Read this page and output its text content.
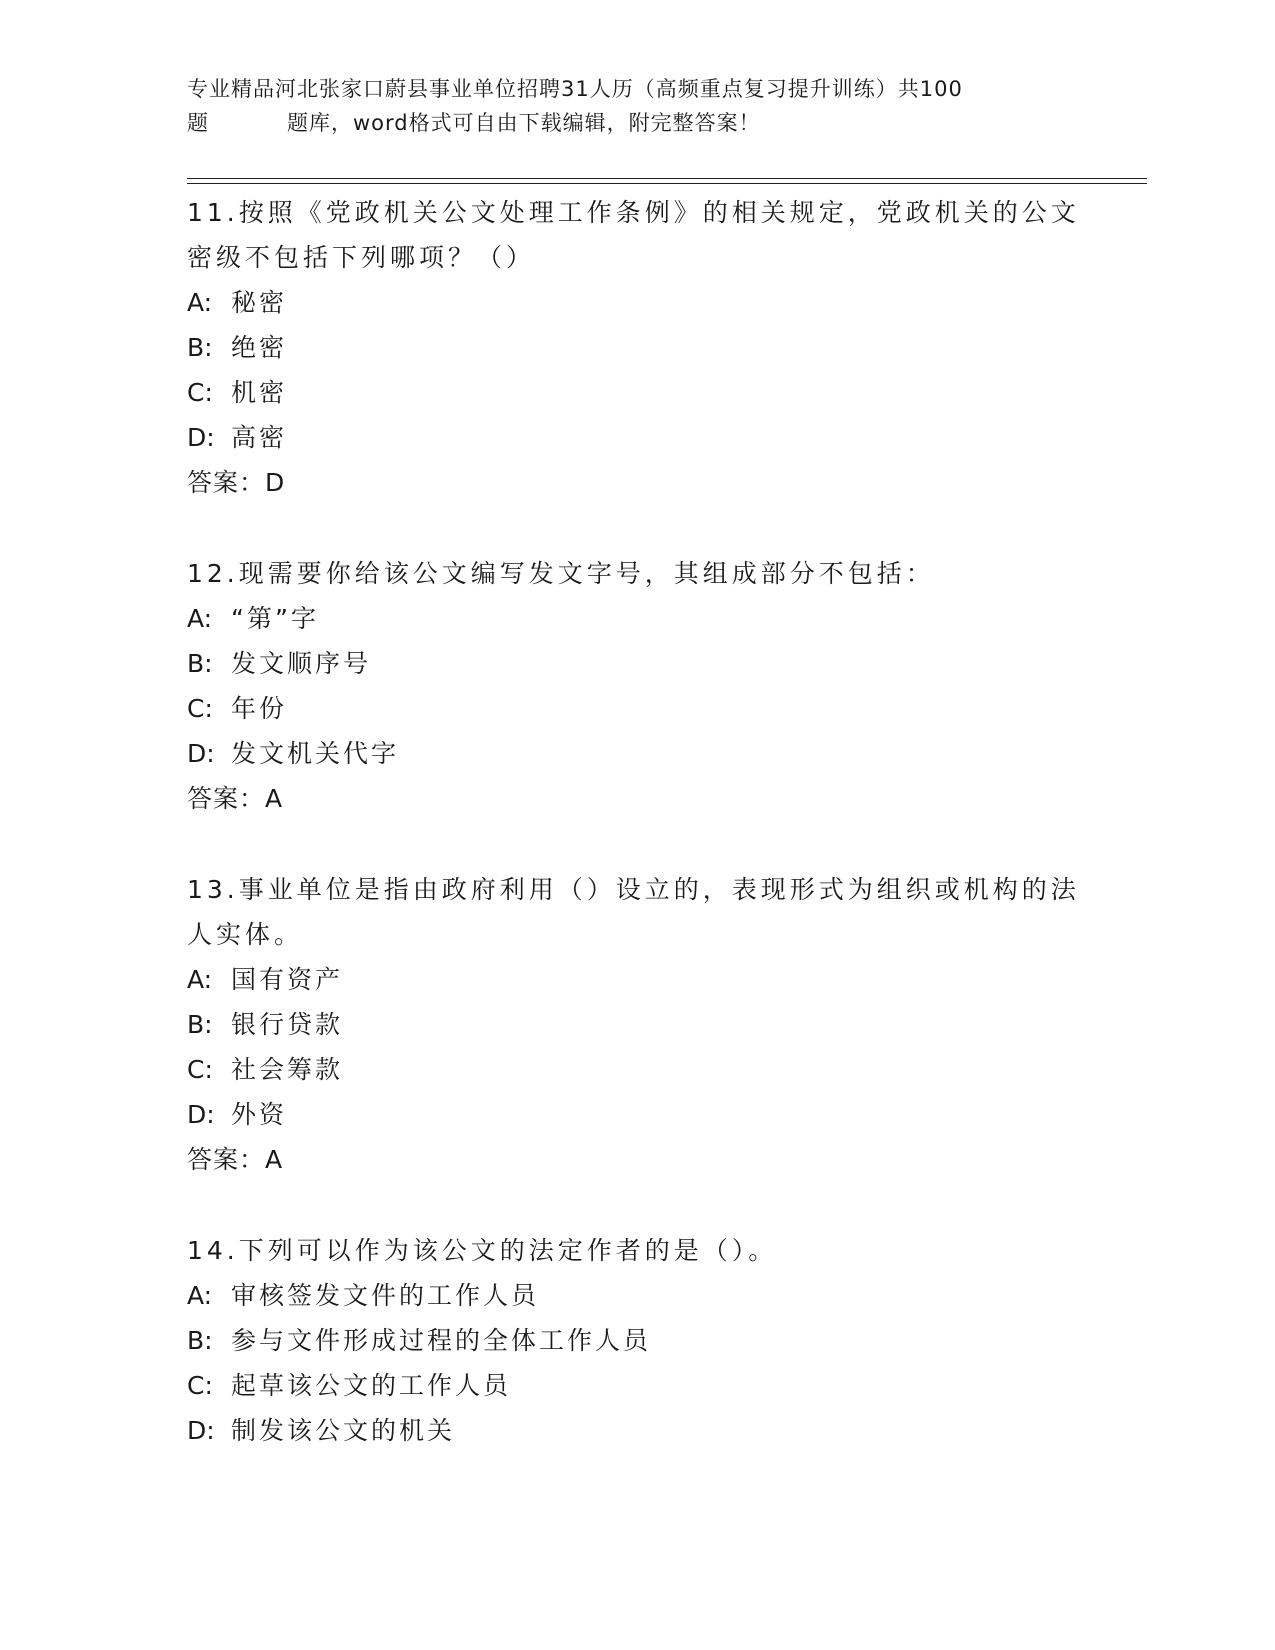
专业精品河北张家口蔚县事业单位招聘31人历（高频重点复习提升训练）共100
题	题库，word格式可自由下载编辑，附完整答案！

11.按照《党政机关公文处理工作条例》的相关规定，党政机关的公文密级不包括下列哪项？（）

A: 秘密

B: 绝密

C: 机密

D: 高密

答案：D

12.现需要你给该公文编写发文字号，其组成部分不包括：

A: “第”字

B: 发文顺序号

C: 年份

D: 发文机关代字

答案：A

13.事业单位是指由政府利用（）设立的，表现形式为组织或机构的法人实体。

A: 国有资产

B: 银行贷款

C: 社会筹款

D: 外资

答案：A

14.下列可以作为该公文的法定作者的是（）。

A: 审核签发文件的工作人员

B: 参与文件形成过程的全体工作人员

C: 起草该公文的工作人员

D: 制发该公文的机关
